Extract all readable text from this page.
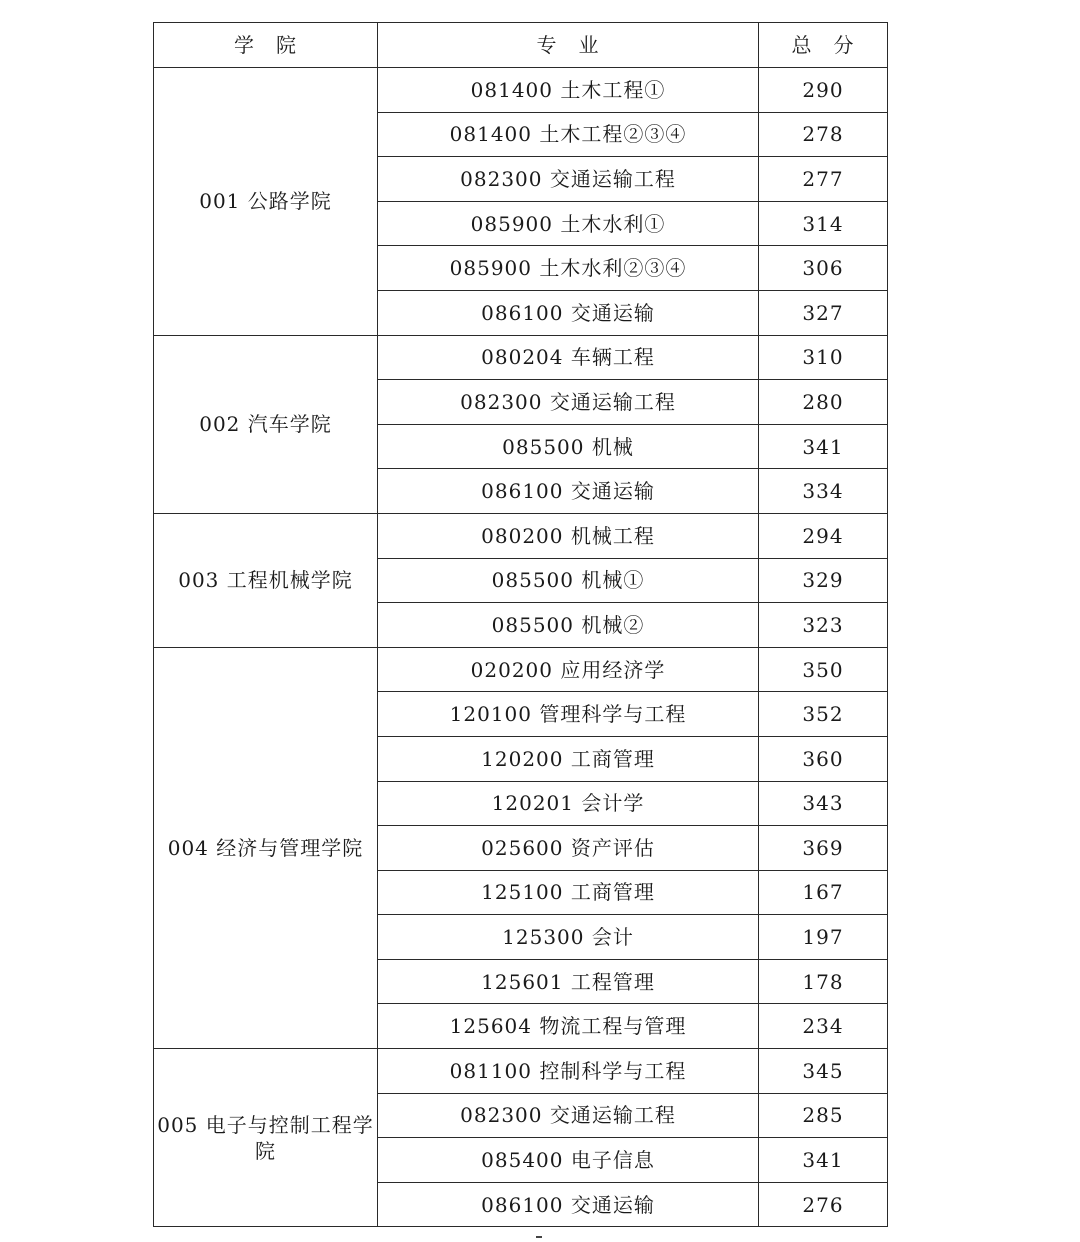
学　院	专　业	总　分
001 公路学院	081400 土木工程①	290
	081400 土木工程②③④	278
	082300 交通运输工程	277
	085900 土木水利①	314
	085900 土木水利②③④	306
	086100 交通运输	327
002 汽车学院	080204 车辆工程	310
	082300 交通运输工程	280
	085500 机械	341
	086100 交通运输	334
003 工程机械学院	080200 机械工程	294
	085500 机械①	329
	085500 机械②	323
004 经济与管理学院	020200 应用经济学	350
	120100 管理科学与工程	352
	120200 工商管理	360
	120201 会计学	343
	025600 资产评估	369
	125100 工商管理	167
	125300 会计	197
	125601 工程管理	178
	125604 物流工程与管理	234
005 电子与控制工程学院	081100 控制科学与工程	345
	082300 交通运输工程	285
	085400 电子信息	341
	086100 交通运输	276
